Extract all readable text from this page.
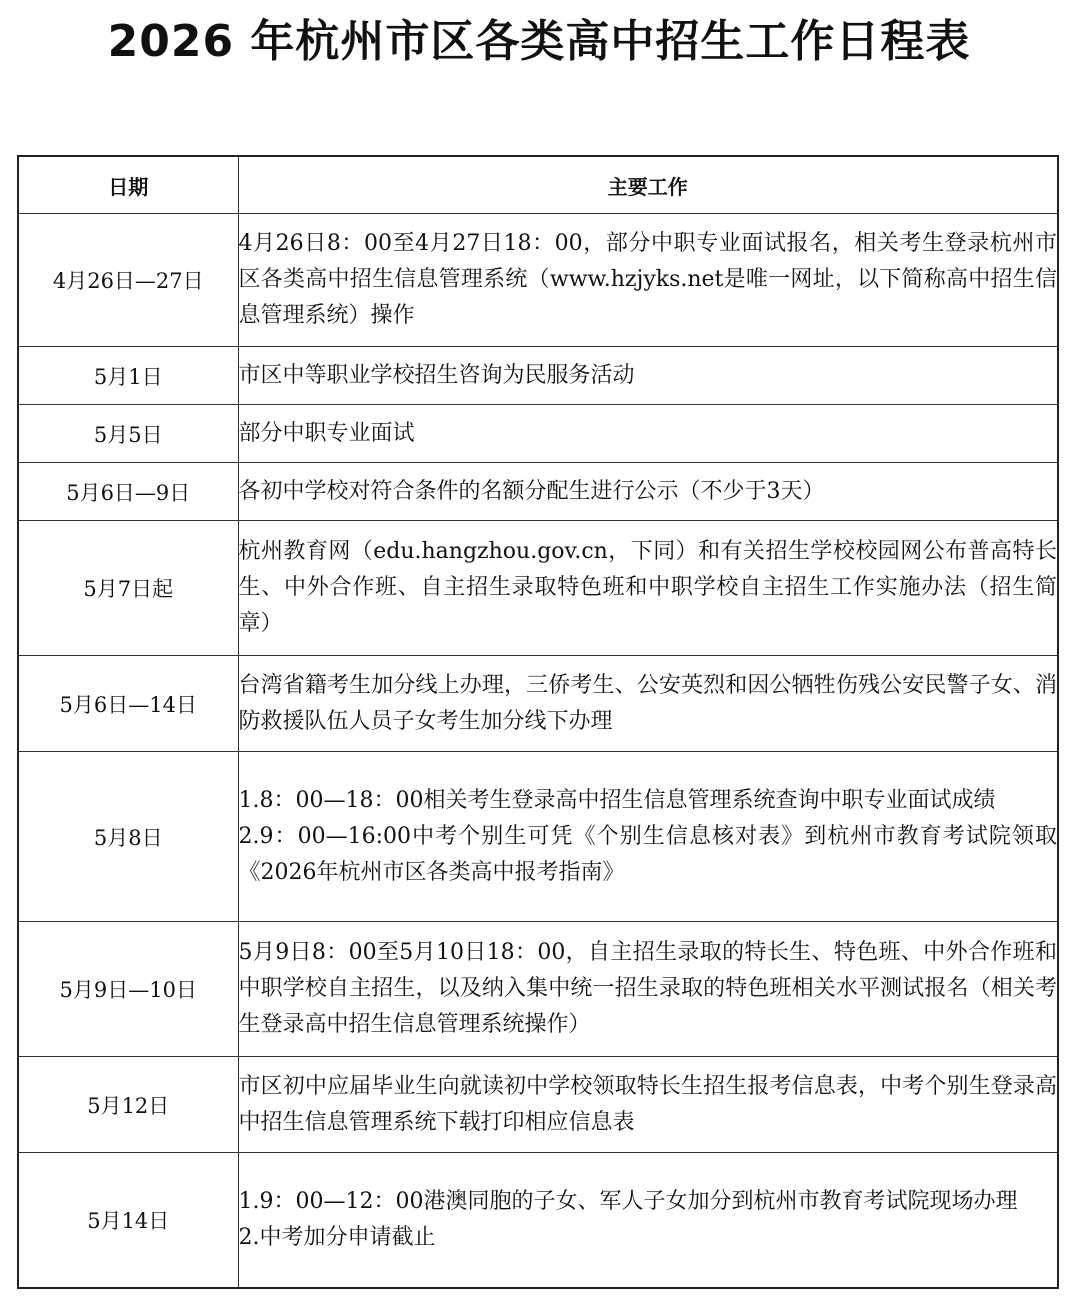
2026 年杭州市区各类高中招生工作日程表
日期	主要工作
4月26日—27日	4月26日8：00至4月27日18：00，部分中职专业面试报名，相关考生登录杭州市区各类高中招生信息管理系统（www.hzjyks.net是唯一网址，以下简称高中招生信息管理系统）操作

5月1日	市区中等职业学校招生咨询为民服务活动

5月5日	部分中职专业面试

5月6日—9日	各初中学校对符合条件的名额分配生进行公示（不少于3天）

5月7日起	杭州教育网（edu.hangzhou.gov.cn，下同）和有关招生学校校园网公布普高特长生、中外合作班、自主招生录取特色班和中职学校自主招生工作实施办法（招生简章）

5月6日—14日	台湾省籍考生加分线上办理，三侨考生、公安英烈和因公牺牲伤残公安民警子女、消防救援队伍人员子女考生加分线下办理

5月8日	1.8：00—18：00相关考生登录高中招生信息管理系统查询中职专业面试成绩
2.9：00—16:00中考个别生可凭《个别生信息核对表》到杭州市教育考试院领取《2026年杭州市区各类高中报考指南》

5月9日—10日	5月9日8：00至5月10日18：00，自主招生录取的特长生、特色班、中外合作班和中职学校自主招生，以及纳入集中统一招生录取的特色班相关水平测试报名（相关考生登录高中招生信息管理系统操作）

5月12日	市区初中应届毕业生向就读初中学校领取特长生招生报考信息表，中考个别生登录高中招生信息管理系统下载打印相应信息表

5月14日	1.9：00—12：00港澳同胞的子女、军人子女加分到杭州市教育考试院现场办理
2.中考加分申请截止
